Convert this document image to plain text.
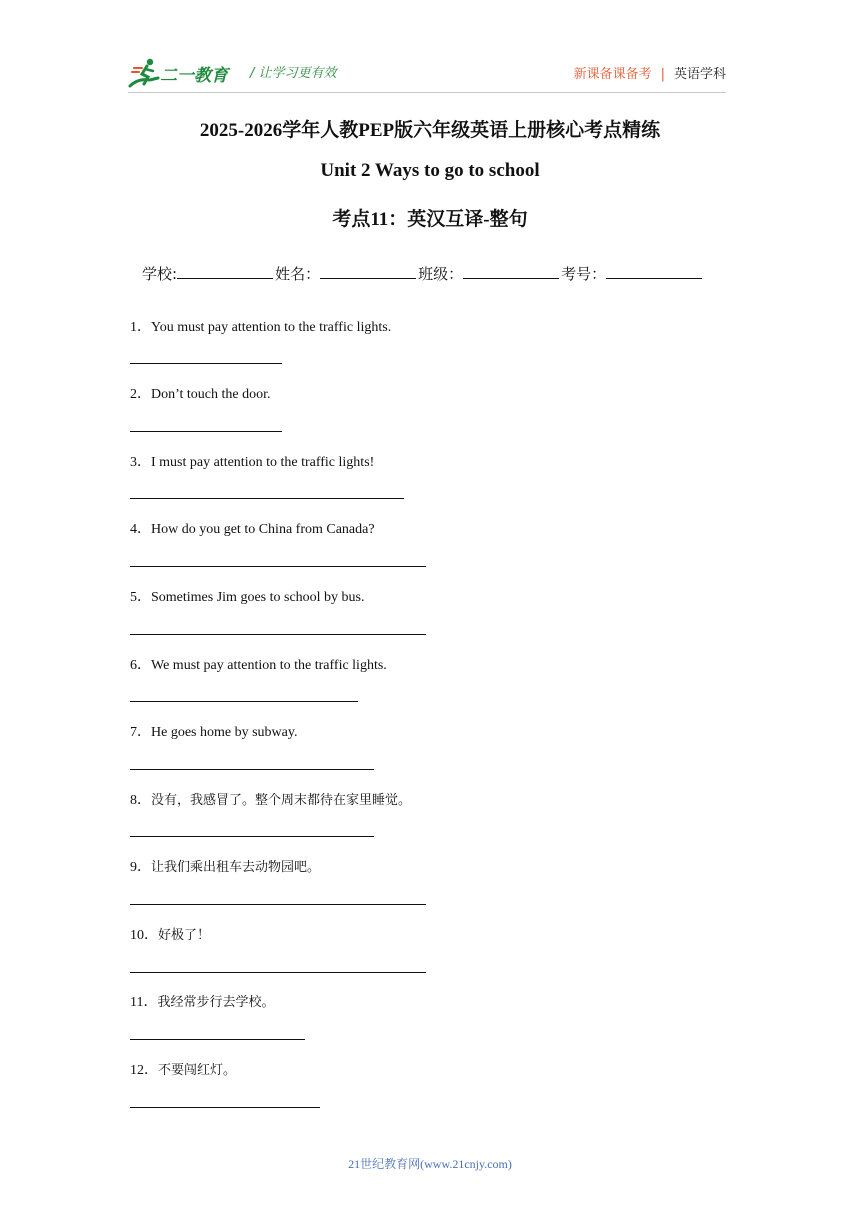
二一教育 / 让学习更有效	新课备课备考 | 英语学科
2025-2026学年人教PEP版六年级英语上册核心考点精练
Unit 2 Ways to go to school
考点11：英汉互译-整句
学校:	姓名：	班级：	考号：
1．You must pay attention to the traffic lights.
2．Don’t touch the door.
3．I must pay attention to the traffic lights!
4．How do you get to China from Canada?
5．Sometimes Jim goes to school by bus.
6．We must pay attention to the traffic lights.
7．He goes home by subway.
8．没有，我感冒了。整个周末都待在家里睡觉。
9．让我们乘出租车去动物园吧。
10．好极了！
11．我经常步行去学校。
12．不要闯红灯。
21世纪教育网(www.21cnjy.com)
